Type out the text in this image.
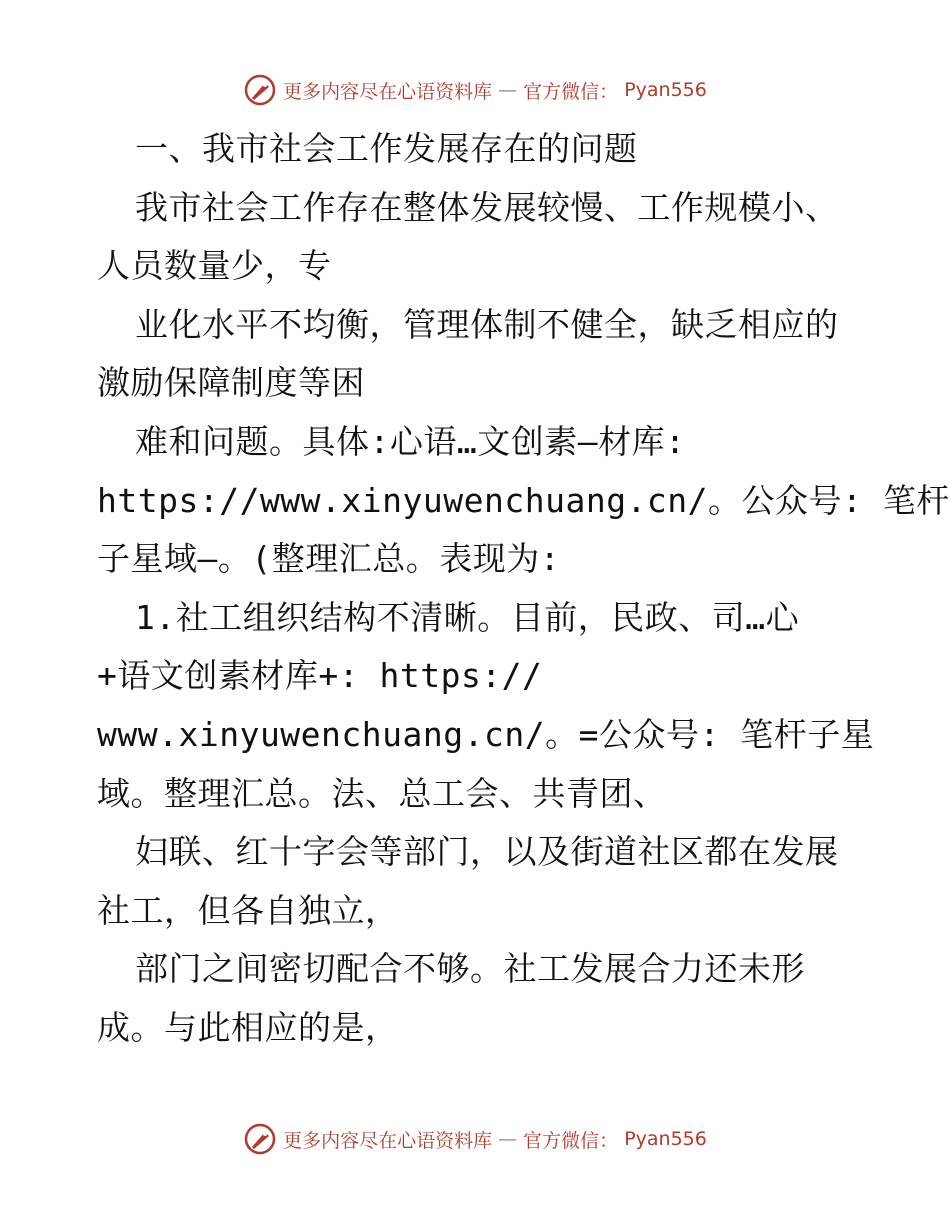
更多内容尽在心语资料库 — 官方微信： Pyan556
一、我市社会工作发展存在的问题
我市社会工作存在整体发展较慢、工作规模小、
人员数量少，专
业化水平不均衡，管理体制不健全，缺乏相应的
激励保障制度等困
难和问题。具体:心语…文创素—材库:
https://www.xinyuwenchuang.cn/。公众号: 笔杆
子星域—。(整理汇总。表现为:
1.社工组织结构不清晰。目前，民政、司…心
+语文创素材库+: https://
www.xinyuwenchuang.cn/。=公众号: 笔杆子星
域。整理汇总。法、总工会、共青团、
妇联、红十字会等部门，以及街道社区都在发展
社工，但各自独立，
部门之间密切配合不够。社工发展合力还未形
成。与此相应的是，
更多内容尽在心语资料库 — 官方微信： Pyan556
